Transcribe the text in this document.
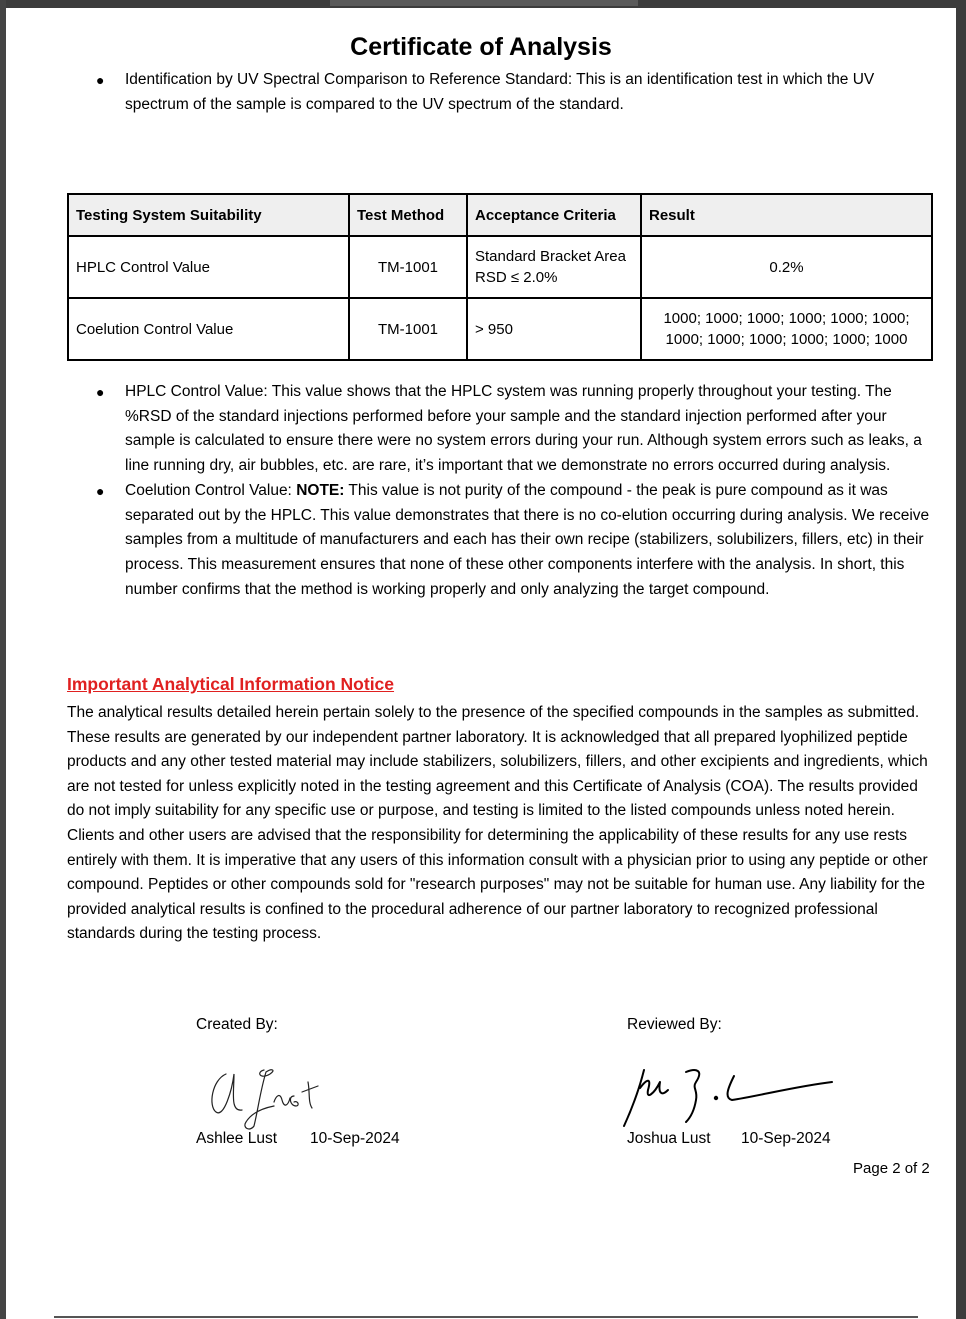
Certificate of Analysis
● Identification by UV Spectral Comparison to Reference Standard: This is an identification test in which the UV spectrum of the sample is compared to the UV spectrum of the standard.
Testing System Suitability	Test Method	Acceptance Criteria	Result
HPLC Control Value	TM-1001	Standard Bracket Area RSD ≤ 2.0%	0.2%
Coelution Control Value	TM-1001	> 950	1000; 1000; 1000; 1000; 1000; 1000; 1000; 1000; 1000; 1000; 1000; 1000
● HPLC Control Value: This value shows that the HPLC system was running properly throughout your testing. The %RSD of the standard injections performed before your sample and the standard injection performed after your sample is calculated to ensure there were no system errors during your run. Although system errors such as leaks, a line running dry, air bubbles, etc. are rare, it’s important that we demonstrate no errors occurred during analysis.
● Coelution Control Value: NOTE: This value is not purity of the compound - the peak is pure compound as it was separated out by the HPLC. This value demonstrates that there is no co-elution occurring during analysis. We receive samples from a multitude of manufacturers and each has their own recipe (stabilizers, solubilizers, fillers, etc) in their process. This measurement ensures that none of these other components interfere with the analysis. In short, this number confirms that the method is working properly and only analyzing the target compound.
Important Analytical Information Notice

The analytical results detailed herein pertain solely to the presence of the specified compounds in the samples as submitted. These results are generated by our independent partner laboratory. It is acknowledged that all prepared lyophilized peptide products and any other tested material may include stabilizers, solubilizers, fillers, and other excipients and ingredients, which are not tested for unless explicitly noted in the testing agreement and this Certificate of Analysis (COA). The results provided do not imply suitability for any specific use or purpose, and testing is limited to the listed compounds unless noted herein. Clients and other users are advised that the responsibility for determining the applicability of these results for any use rests entirely with them. It is imperative that any users of this information consult with a physician prior to using any peptide or other compound. Peptides or other compounds sold for "research purposes" may not be suitable for human use. Any liability for the provided analytical results is confined to the procedural adherence of our partner laboratory to recognized professional standards during the testing process.

Created By:
Ashlee Lust 10-Sep-2024
Reviewed By:
Joshua Lust 10-Sep-2024
Page 2 of 2
